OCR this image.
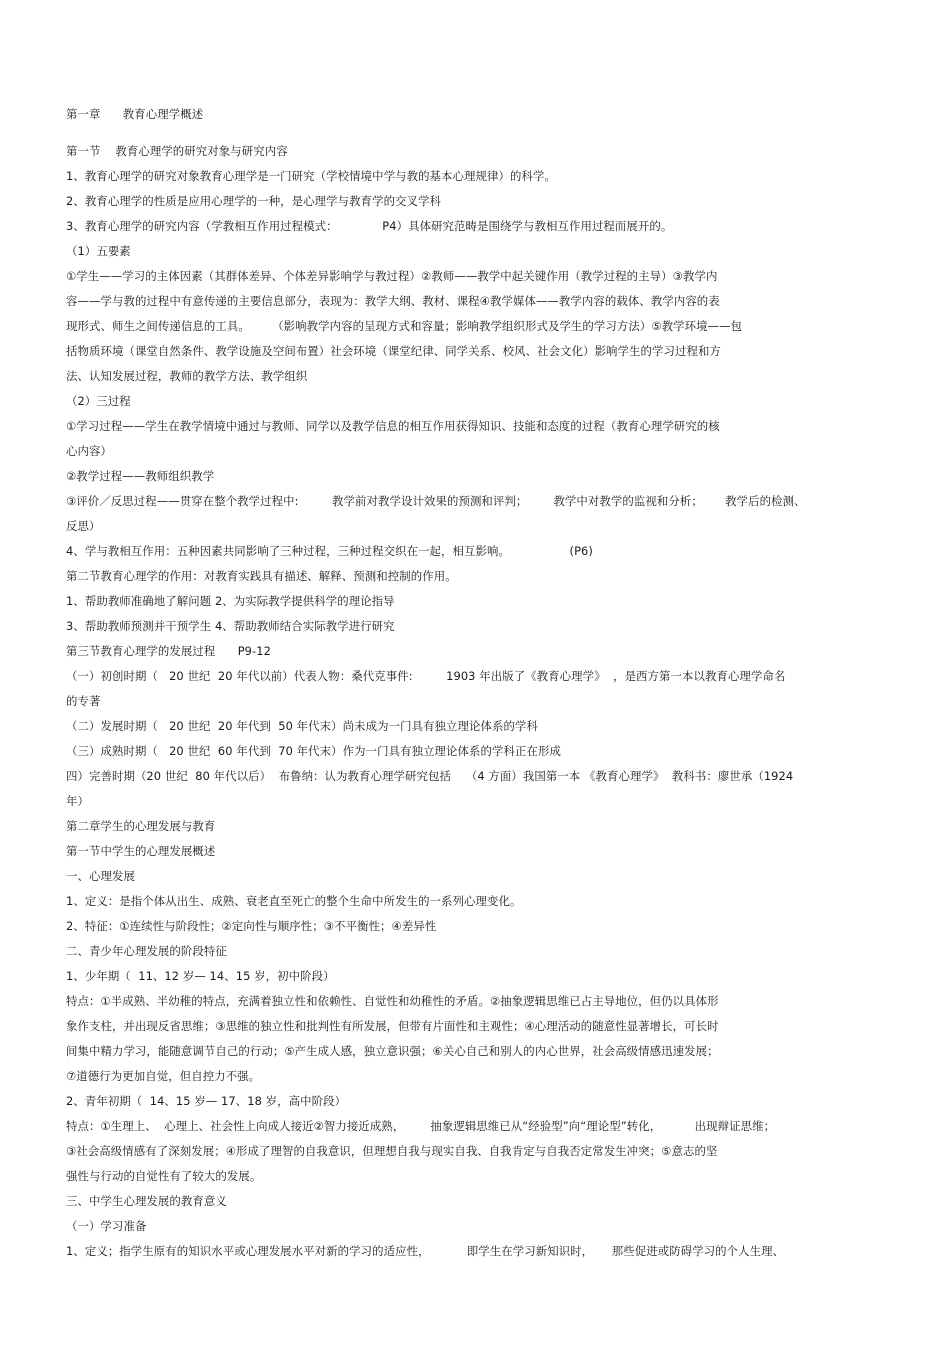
第一章      教育心理学概述

第一节    教育心理学的研究对象与研究内容

1、教育心理学的研究对象教育心理学是一门研究（学校情境中学与教的基本心理规律）的科学。

2、教育心理学的性质是应用心理学的一种，是心理学与教育学的交叉学科

3、教育心理学的研究内容（学教相互作用过程模式：            P4）具体研究范畴是围绕学与教相互作用过程而展开的。

（1）五要素

①学生——学习的主体因素（其群体差异、个体差异影响学与教过程）②教师——教学中起关键作用（教学过程的主导）③教学内

容——学与教的过程中有意传递的主要信息部分，表现为：教学大纲、教材、课程④教学媒体——教学内容的载体、教学内容的表

现形式、师生之间传递信息的工具。      （影响教学内容的呈现方式和容量；影响教学组织形式及学生的学习方法）⑤教学环境——包

括物质环境（课堂自然条件、教学设施及空间布置）社会环境（课堂纪律、同学关系、校风、社会文化）影响学生的学习过程和方

法、认知发展过程，教师的教学方法、教学组织

（2）三过程

①学习过程——学生在教学情境中通过与教师、同学以及教学信息的相互作用获得知识、技能和态度的过程（教育心理学研究的核

心内容）

②教学过程——教师组织教学

③评价／反思过程——贯穿在整个教学过程中:         教学前对教学设计效果的预测和评判；       教学中对教学的监视和分析；      教学后的检测、

反思）

4、学与教相互作用：五种因素共同影响了三种过程，三种过程交织在一起，相互影响。                (P6)

第二节教育心理学的作用：对教育实践具有描述、解释、预测和控制的作用。

1、帮助教师准确地了解问题 2、为实际教学提供科学的理论指导

3、帮助教师预测并干预学生 4、帮助教师结合实际教学进行研究

第三节教育心理学的发展过程      P9-12

（一）初创时期（   20 世纪  20 年代以前）代表人物：桑代克事件:         1903 年出版了《教育心理学》  ，是西方第一本以教育心理学命名

的专著

（二）发展时期（   20 世纪  20 年代到  50 年代末）尚未成为一门具有独立理论体系的学科

（三）成熟时期（   20 世纪  60 年代到  70 年代末）作为一门具有独立理论体系的学科正在形成

四）完善时期（20 世纪  80 年代以后）  布鲁纳：认为教育心理学研究包括    （4 方面）我国第一本 《教育心理学》  教科书：廖世承（1924

年）

第二章学生的心理发展与教育

第一节中学生的心理发展概述

一、心理发展

1、定义：是指个体从出生、成熟、衰老直至死亡的整个生命中所发生的一系列心理变化。

2、特征：①连续性与阶段性；②定向性与顺序性；③不平衡性；④差异性

二、青少年心理发展的阶段特征

1、少年期（  11、12 岁— 14、15 岁，初中阶段）

特点：①半成熟、半幼稚的特点，充满着独立性和依赖性、自觉性和幼稚性的矛盾。②抽象逻辑思维已占主导地位，但仍以具体形

象作支柱，并出现反省思维；③思维的独立性和批判性有所发展，但带有片面性和主观性；④心理活动的随意性显著增长，可长时

间集中精力学习，能随意调节自己的行动；⑤产生成人感，独立意识强；⑥关心自己和别人的内心世界，社会高级情感迅速发展；

⑦道德行为更加自觉，但自控力不强。

2、青年初期（  14、15 岁— 17、18 岁，高中阶段）

特点：①生理上、  心理上、社会性上向成人接近②智力接近成熟，       抽象逻辑思维已从“经验型”向“理论型”转化，         出现辩证思维；

③社会高级情感有了深刻发展；④形成了理智的自我意识，但理想自我与现实自我、自我肯定与自我否定常发生冲突；⑤意志的坚

强性与行动的自觉性有了较大的发展。

三、中学生心理发展的教育意义

（一）学习准备

1、定义；指学生原有的知识水平或心理发展水平对新的学习的适应性，          即学生在学习新知识时，     那些促进或防碍学习的个人生理、
